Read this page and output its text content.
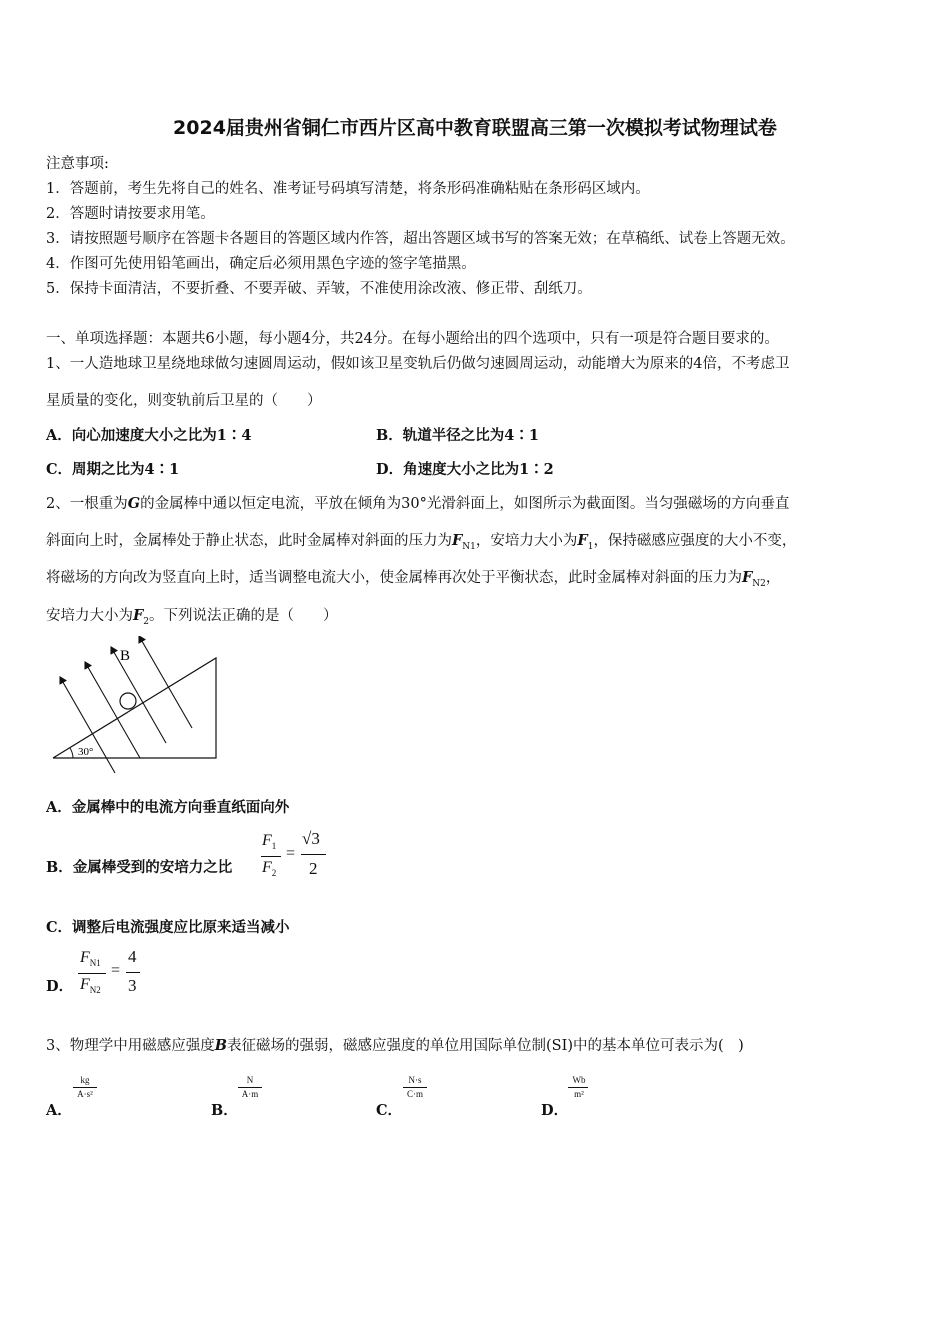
2024届贵州省铜仁市西片区高中教育联盟高三第一次模拟考试物理试卷
注意事项:
1．答题前，考生先将自己的姓名、准考证号码填写清楚，将条形码准确粘贴在条形码区域内。
2．答题时请按要求用笔。
3．请按照题号顺序在答题卡各题目的答题区域内作答，超出答题区域书写的答案无效；在草稿纸、试卷上答题无效。
4．作图可先使用铅笔画出，确定后必须用黑色字迹的签字笔描黑。
5．保持卡面清洁，不要折叠、不要弄破、弄皱，不准使用涂改液、修正带、刮纸刀。
一、单项选择题：本题共6小题，每小题4分，共24分。在每小题给出的四个选项中，只有一项是符合题目要求的。
1、一人造地球卫星绕地球做匀速圆周运动，假如该卫星变轨后仍做匀速圆周运动，动能增大为原来的4倍，不考虑卫
星质量的变化，则变轨前后卫星的（　　）
A．向心加速度大小之比为1∶4	B．轨道半径之比为4∶1
C．周期之比为4∶1	D．角速度大小之比为1∶2
2、一根重为G的金属棒中通以恒定电流，平放在倾角为30°光滑斜面上，如图所示为截面图。当匀强磁场的方向垂直
斜面向上时，金属棒处于静止状态，此时金属棒对斜面的压力为$F_{N1}$，安培力大小为$F_1$，保持磁感应强度的大小不变，
将磁场的方向改为竖直向上时，适当调整电流大小，使金属棒再次处于平衡状态，此时金属棒对斜面的压力为$F_{N2}$，
安培力大小为$F_2$。下列说法正确的是（　　）
B
30°
A．金属棒中的电流方向垂直纸面向外
B．金属棒受到的安培力之比
$F_1$
$F_2$
=
√3
2
C．调整后电流强度应比原来适当减小
D．
$F_{N1}$
$F_{N2}$
=
4
3
3、物理学中用磁感应强度B表征磁场的强弱，磁感应强度的单位用国际单位制(SI)中的基本单位可表示为(　)
A．
kg
A·s²
B．
N
A·m
C．
N·s
C·m
D．
Wb
m²
